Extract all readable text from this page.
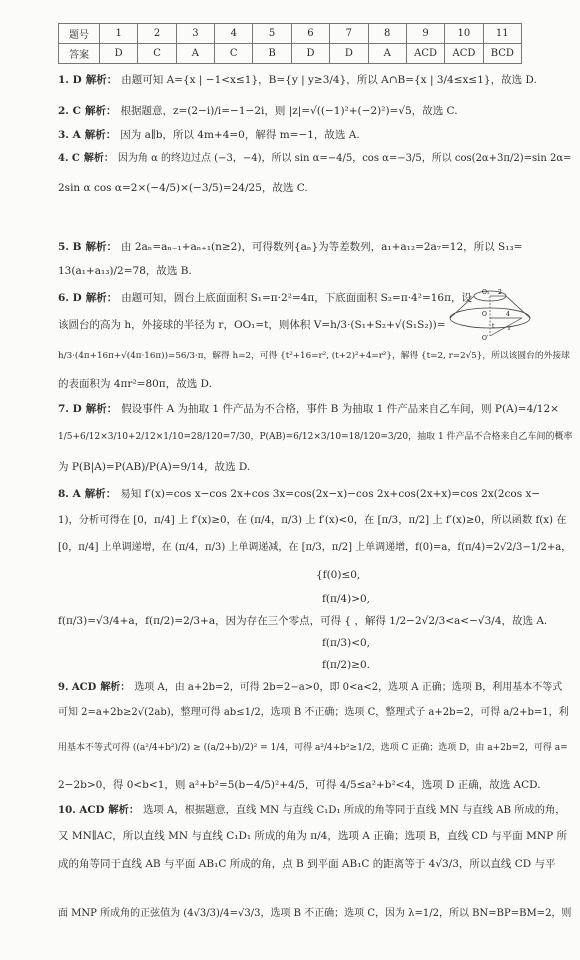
题号	1	2	3	4	5	6	7	8	9	10	11
答案	D	C	A	C	B	D	D	A	ACD	ACD	BCD
1. D 解析： 由题可知 A={x | −1<x≤1}，B={y | y≥3/4}，所以 A∩B={x | 3/4≤x≤1}，故选 D.
2. C 解析： 根据题意，z=(2−i)/i=−1−2i，则 |z|=√((−1)²+(−2)²)=√5，故选 C.
3. A 解析： 因为 a∥b，所以 4m+4=0，解得 m=−1，故选 A.
4. C 解析： 因为角 α 的终边过点 (−3，−4)，所以 sin α=−4/5，cos α=−3/5，所以 cos(2α+3π/2)=sin 2α=
2sin α cos α=2×(−4/5)×(−3/5)=24/25，故选 C.
5. B 解析： 由 2aₙ=aₙ₋₁+aₙ₊₁(n≥2)，可得数列{aₙ}为等差数列，a₁+a₁₂=2a₇=12，所以 S₁₃=
13(a₁+a₁₃)/2=78，故选 B.
6. D 解析： 由题可知，圆台上底面面积 S₁=π·2²=4π，下底面面积 S₂=π·4²=16π，设
该圆台的高为 h，外接球的半径为 r，OO₁=t，则体积 V=h/3·(S₁+S₂+√(S₁S₂))=
h/3·(4π+16π+√(4π·16π))=56/3·π，解得 h=2，可得 {t²+16=r², (t+2)²+4=r²}，解得 {t=2, r=2√5}，所以该圆台的外接球
的表面积为 4πr²=80π，故选 D.
O₁ 2
O
t r
4
O′
7. D 解析： 假设事件 A 为抽取 1 件产品为不合格，事件 B 为抽取 1 件产品来自乙车间，则 P(A)=4/12×
1/5+6/12×3/10+2/12×1/10=28/120=7/30，P(AB)=6/12×3/10=18/120=3/20，抽取 1 件产品不合格来自乙车间的概率
为 P(B|A)=P(AB)/P(A)=9/14，故选 D.
8. A 解析： 易知 f′(x)=cos x−cos 2x+cos 3x=cos(2x−x)−cos 2x+cos(2x+x)=cos 2x(2cos x−
1)，分析可得在 [0，π/4] 上 f′(x)≥0，在 (π/4，π/3) 上 f′(x)<0，在 [π/3，π/2] 上 f′(x)≥0，所以函数 f(x) 在
[0，π/4] 上单调递增，在 (π/4，π/3) 上单调递减，在 [π/3，π/2] 上单调递增，f(0)=a，f(π/4)=2√2/3−1/2+a，
{f(0)≤0,
f(π/4)>0,
f(π/3)=√3/4+a，f(π/2)=2/3+a，因为存在三个零点，可得 { ，解得 1/2−2√2/3<a<−√3/4，故选 A.
f(π/3)<0,
f(π/2)≥0.
9. ACD 解析： 选项 A，由 a+2b=2，可得 2b=2−a>0，即 0<a<2，选项 A 正确；选项 B，利用基本不等式
可知 2=a+2b≥2√(2ab)，整理可得 ab≤1/2，选项 B 不正确；选项 C，整理式子 a+2b=2，可得 a/2+b=1，利
用基本不等式可得 ((a²/4+b²)/2) ≥ ((a/2+b)/2)² = 1/4，可得 a²/4+b²≥1/2，选项 C 正确；选项 D，由 a+2b=2，可得 a=
2−2b>0，得 0<b<1，则 a²+b²=5(b−4/5)²+4/5，可得 4/5≤a²+b²<4，选项 D 正确，故选 ACD.
10. ACD 解析： 选项 A，根据题意，直线 MN 与直线 C₁D₁ 所成的角等同于直线 MN 与直线 AB 所成的角，
又 MN∥AC，所以直线 MN 与直线 C₁D₁ 所成的角为 π/4，选项 A 正确；选项 B，直线 CD 与平面 MNP 所
成的角等同于直线 AB 与平面 AB₁C 所成的角，点 B 到平面 AB₁C 的距离等于 4√3/3，所以直线 CD 与平
面 MNP 所成角的正弦值为 (4√3/3)/4=√3/3，选项 B 不正确；选项 C，因为 λ=1/2，所以 BN=BP=BM=2，则
